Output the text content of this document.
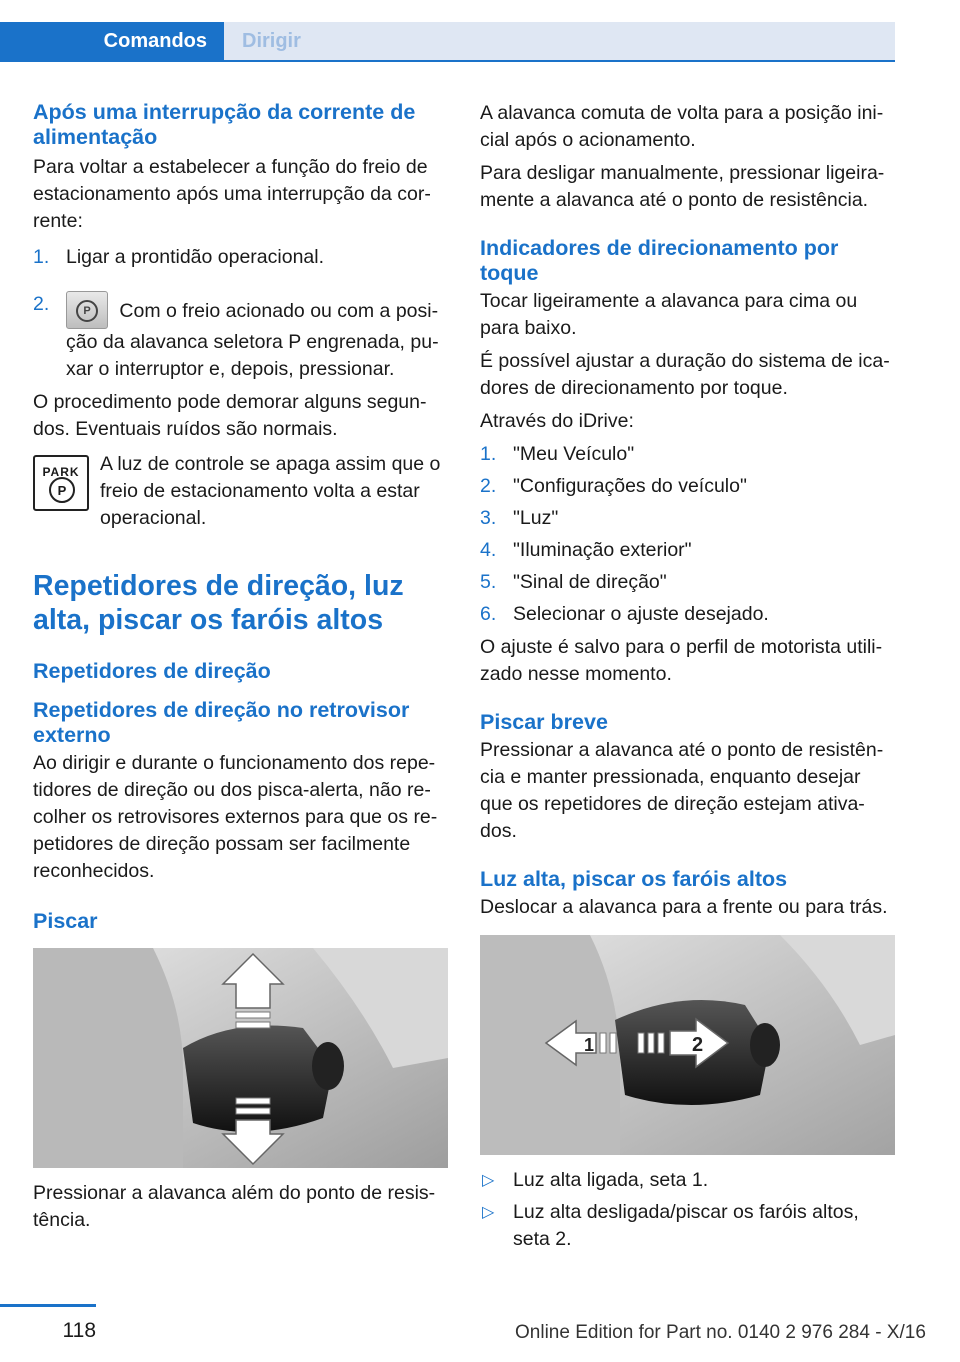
Comandos	Dirigir
Após uma interrupção da corrente de alimentação

Para voltar a estabelecer a função do freio de estacionamento após uma interrupção da cor-rente:

1. Ligar a prontidão operacional.
2.	P	Com o freio acionado ou com a posi-ção da alavanca seletora P engrenada, pu-xar o interruptor e, depois, pressionar.

O procedimento pode demorar alguns segun-dos. Eventuais ruídos são normais.

PARK
P
A luz de controle se apaga assim que o freio de estacionamento volta a estar operacional.
Repetidores de direção, luz alta, piscar os faróis altos
Repetidores de direção
Repetidores de direção no retrovisor externo

Ao dirigir e durante o funcionamento dos repe-tidores de direção ou dos pisca-alerta, não re-colher os retrovisores externos para que os re-petidores de direção possam ser facilmente reconhecidos.

Piscar

Pressionar a alavanca além do ponto de resis-tência.

A alavanca comuta de volta para a posição ini-cial após o acionamento.

Para desligar manualmente, pressionar ligeira-mente a alavanca até o ponto de resistência.

Indicadores de direcionamento por toque

Tocar ligeiramente a alavanca para cima ou para baixo.

É possível ajustar a duração do sistema de ica-dores de direcionamento por toque.

Através do iDrive:

1. "Meu Veículo"
2. "Configurações do veículo"
3. "Luz"
4. "Iluminação exterior"
5. "Sinal de direção"
6. Selecionar o ajuste desejado.

O ajuste é salvo para o perfil de motorista utili-zado nesse momento.

Piscar breve

Pressionar a alavanca até o ponto de resistên-cia e manter pressionada, enquanto desejar que os repetidores de direção estejam ativa-dos.

Luz alta, piscar os faróis altos

Deslocar a alavanca para a frente ou para trás.

1	2
▷ Luz alta ligada, seta 1.
▷ Luz alta desligada/piscar os faróis altos, seta 2.
118	Online Edition for Part no. 0140 2 976 284 - X/16
